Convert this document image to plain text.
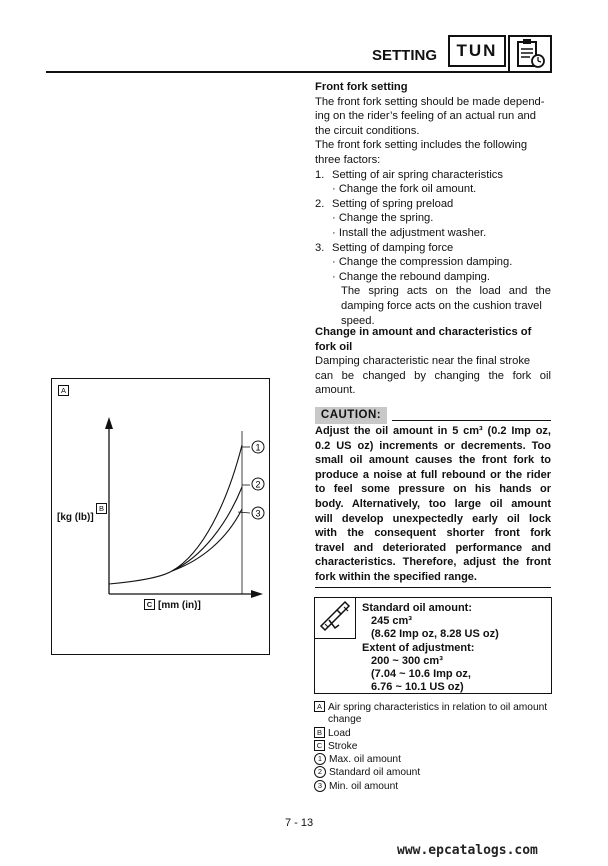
SETTING	TUN
Front fork setting
The front fork setting should be made depend-
ing on the rider’s feeling of an actual run and
the circuit conditions.
The front fork setting includes the following
three factors:
1. Setting of air spring characteristics
· Change the fork oil amount.
2. Setting of spring preload
· Change the spring.
· Install the adjustment washer.
3. Setting of damping force
· Change the compression damping.
· Change the rebound damping.
The spring acts on the load and the
damping force acts on the cushion travel
speed.
Change in amount and characteristics of
fork oil
Damping characteristic near the final stroke
can be changed by changing the fork oil
amount.
CAUTION:
Adjust the oil amount in 5 cm³ (0.2 Imp oz,
0.2 US oz) increments or decrements. Too
small oil amount causes the front fork to
produce a noise at full rebound or the rider
to feel some pressure on his hands or
body. Alternatively, too large oil amount
will develop unexpectedly early oil lock
with the consequent shorter front fork
travel and deteriorated performance and
characteristics. Therefore, adjust the front
fork within the specified range.
Standard oil amount:
245 cm³
(8.62 Imp oz, 8.28 US oz)
Extent of adjustment:
200 ~ 300 cm³
(7.04 ~ 10.6 Imp oz,
6.76 ~ 10.1 US oz)
A Air spring characteristics in relation to oil amount
change
B Load
C Stroke
1 Max. oil amount
2 Standard oil amount
3 Min. oil amount
A
1
2
3
B
[kg (lb)]
C [mm (in)]
7 - 13
www.epcatalogs.com
